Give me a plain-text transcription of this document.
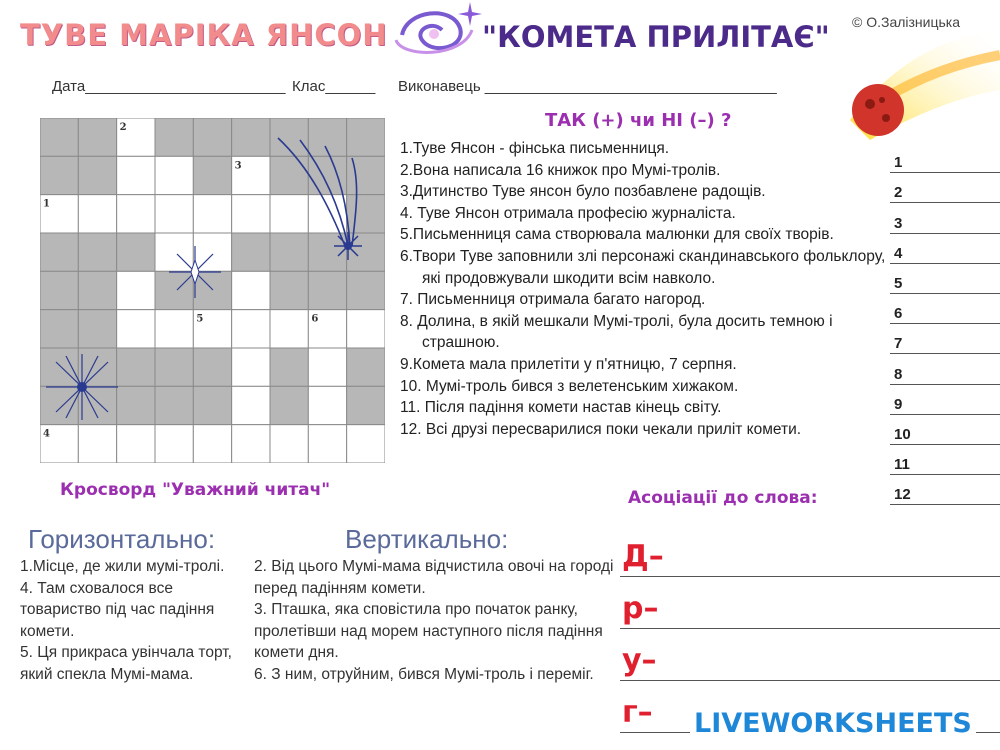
ТУВЕ МАРІКА ЯНСОН	"КОМЕТА ПРИЛІТАЄ" © О.Залізницька
Дата________________________ Клас______ Виконавець ___________________________________
ТАК (+) чи НІ (–) ?
1.Туве Янсон - фінська письменниця.
2.Вона написала 16 книжок про Мумі-тролів.
3.Дитинство Туве янсон було позбавлене радощів.
4. Туве Янсон отримала професію журналіста.
5.Письменниця сама створювала малюнки для своїх творів.
6.Твори Туве заповнили злі персонажі скандинавського фольклору, які продовжували шкодити всім навколо.
7. Письменниця отримала багато нагород.
8. Долина, в якій мешкали Мумі-тролі, була досить темною і страшною.
9.Комета мала прилетіти у п'ятницю, 7 серпня.
10. Мумі-троль бився з велетенським хижаком.
11. Після падіння комети настав кінець світу.
12. Всі друзі пересварилися поки чекали приліт комети.
1
2
3
4
5
6
7
8
9
10
11
12
2
3
1
5	6
4
Кросворд "Уважний читач"
Горизонтально:	Вертикально:

1.Місце, де жили мумі-тролі.

4. Там сховалося все товариство під час падіння комети.

5. Ця прикраса увінчала торт, який спекла Мумі-мама.

2. Від цього Мумі-мама відчистила овочі на городі перед падінням комети.

3. Пташка, яка сповістила про початок ранку, пролетівши над морем наступного після падіння комети дня.

6. З ним, отруйним, бився Мумі-троль і переміг.

Асоціації до слова:
Д–
р–
у–
г– LIVEWORKSHEETS
